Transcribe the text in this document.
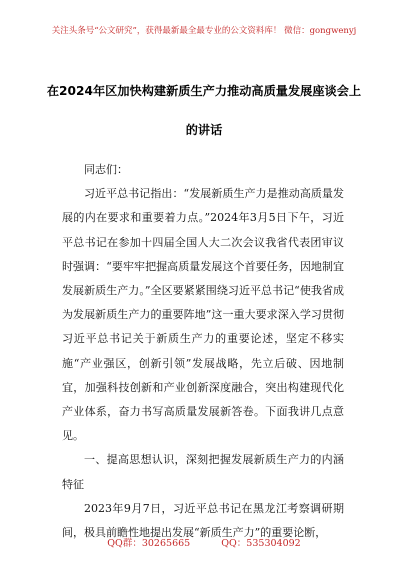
关注头条号“公文研究”，获得最新最全最专业的公文资料库！ 微信：gongwenyj
在2024年区加快构建新质生产力推动高质量发展座谈会上
的讲话

同志们：

习近平总书记指出：“发展新质生产力是推动高质量发展的内在要求和重要着力点。”2024年3月5日下午，习近平总书记在参加十四届全国人大二次会议我省代表团审议时强调：“要牢牢把握高质量发展这个首要任务，因地制宜发展新质生产力。”全区要紧紧围绕习近平总书记“使我省成为发展新质生产力的重要阵地”这一重大要求深入学习贯彻习近平总书记关于新质生产力的重要论述，坚定不移实施“产业强区，创新引领”发展战略，先立后破、因地制宜，加强科技创新和产业创新深度融合，突出构建现代化产业体系，奋力书写高质量发展新答卷。下面我讲几点意见。

一、提高思想认识，深刻把握发展新质生产力的内涵特征

2023年9月7日，习近平总书记在黑龙江考察调研期间，极具前瞻性地提出发展“新质生产力”的重要论断，

QQ群：30265665	QQ：535304092
